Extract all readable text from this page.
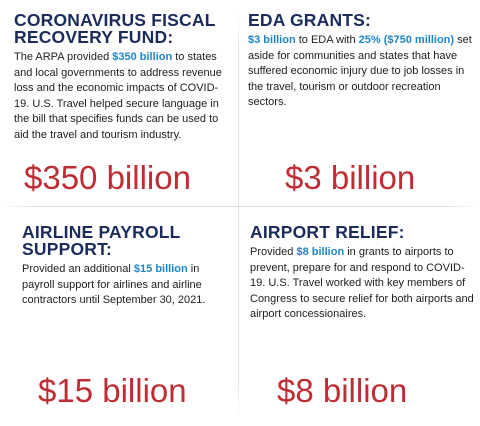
CORONAVIRUS FISCAL
RECOVERY FUND:

The ARPA provided $350 billion to states and local governments to address revenue loss and the economic impacts of COVID-19. U.S. Travel helped secure language in the bill that specifies funds can be used to aid the travel and tourism industry.

$350 billion
EDA GRANTS:

$3 billion to EDA with 25% ($750 million) set aside for communities and states that have suffered economic injury due to job losses in the travel, tourism or outdoor recreation sectors.

$3 billion
AIRLINE PAYROLL
SUPPORT:

Provided an additional $15 billion in payroll support for airlines and airline contractors until September 30, 2021.

$15 billion
AIRPORT RELIEF:

Provided $8 billion in grants to airports to prevent, prepare for and respond to COVID-19. U.S. Travel worked with key members of Congress to secure relief for both airports and airport concessionaires.

$8 billion
